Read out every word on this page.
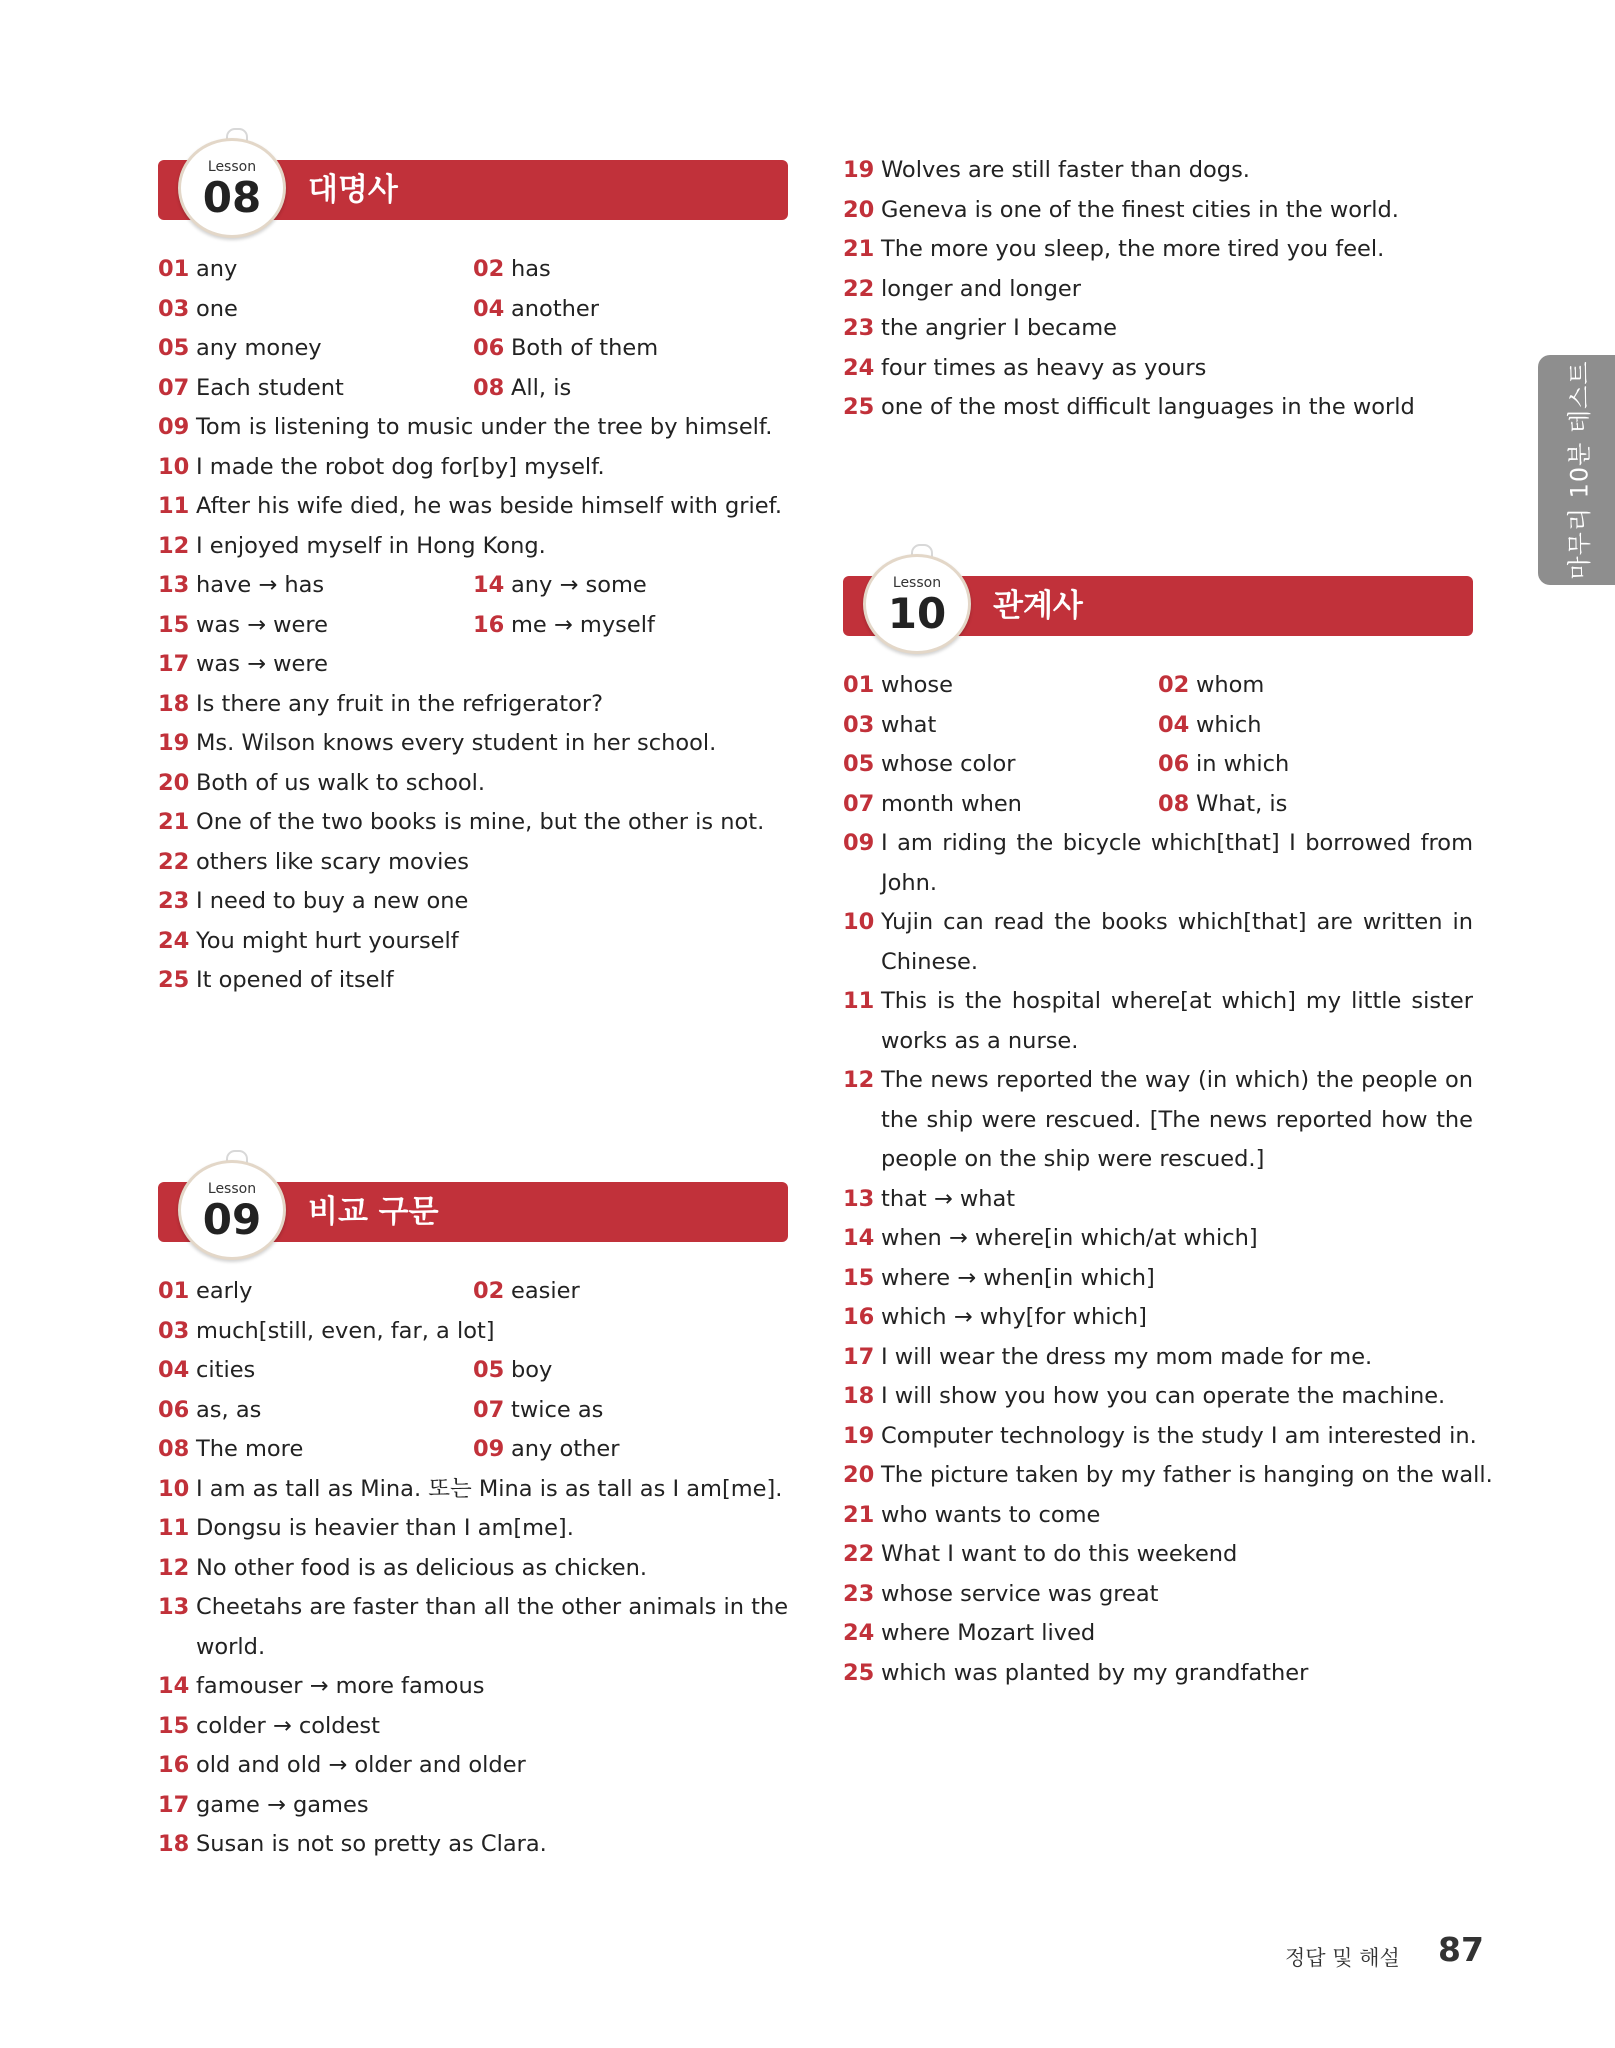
대명사
Lesson
08
01 any	02 has
03 one	04 another
05 any money	06 Both of them
07 Each student	08 All, is
09 Tom is listening to music under the tree by himself.
10 I made the robot dog for[by] myself.
11 After his wife died, he was beside himself with grief.
12 I enjoyed myself in Hong Kong.
13 have → has	14 any → some
15 was → were	16 me → myself
17 was → were
18 Is there any fruit in the refrigerator?
19 Ms. Wilson knows every student in her school.
20 Both of us walk to school.
21 One of the two books is mine, but the other is not.
22 others like scary movies
23 I need to buy a new one
24 You might hurt yourself
25 It opened of itself
비교 구문
Lesson
09
01 early	02 easier
03 much[still, even, far, a lot]
04 cities	05 boy
06 as, as	07 twice as
08 The more	09 any other
10 I am as tall as Mina. 또는 Mina is as tall as I am[me].
11 Dongsu is heavier than I am[me].
12 No other food is as delicious as chicken.
13 Cheetahs are faster than all the other animals in the
world.
14 famouser → more famous
15 colder → coldest
16 old and old → older and older
17 game → games
18 Susan is not so pretty as Clara.
19 Wolves are still faster than dogs.
20 Geneva is one of the finest cities in the world.
21 The more you sleep, the more tired you feel.
22 longer and longer
23 the angrier I became
24 four times as heavy as yours
25 one of the most difficult languages in the world
관계사
Lesson
10
01 whose	02 whom
03 what	04 which
05 whose color	06 in which
07 month when	08 What, is
09 I am riding the bicycle which[that] I borrowed from
John.
10 Yujin can read the books which[that] are written in
Chinese.
11 This is the hospital where[at which] my little sister
works as a nurse.
12 The news reported the way (in which) the people on
the ship were rescued. [The news reported how the
people on the ship were rescued.]
13 that → what
14 when → where[in which/at which]
15 where → when[in which]
16 which → why[for which]
17 I will wear the dress my mom made for me.
18 I will show you how you can operate the machine.
19 Computer technology is the study I am interested in.
20 The picture taken by my father is hanging on the wall.
21 who wants to come
22 What I want to do this weekend
23 whose service was great
24 where Mozart lived
25 which was planted by my grandfather
마무리 10분 테스트
정답 및 해설 87
